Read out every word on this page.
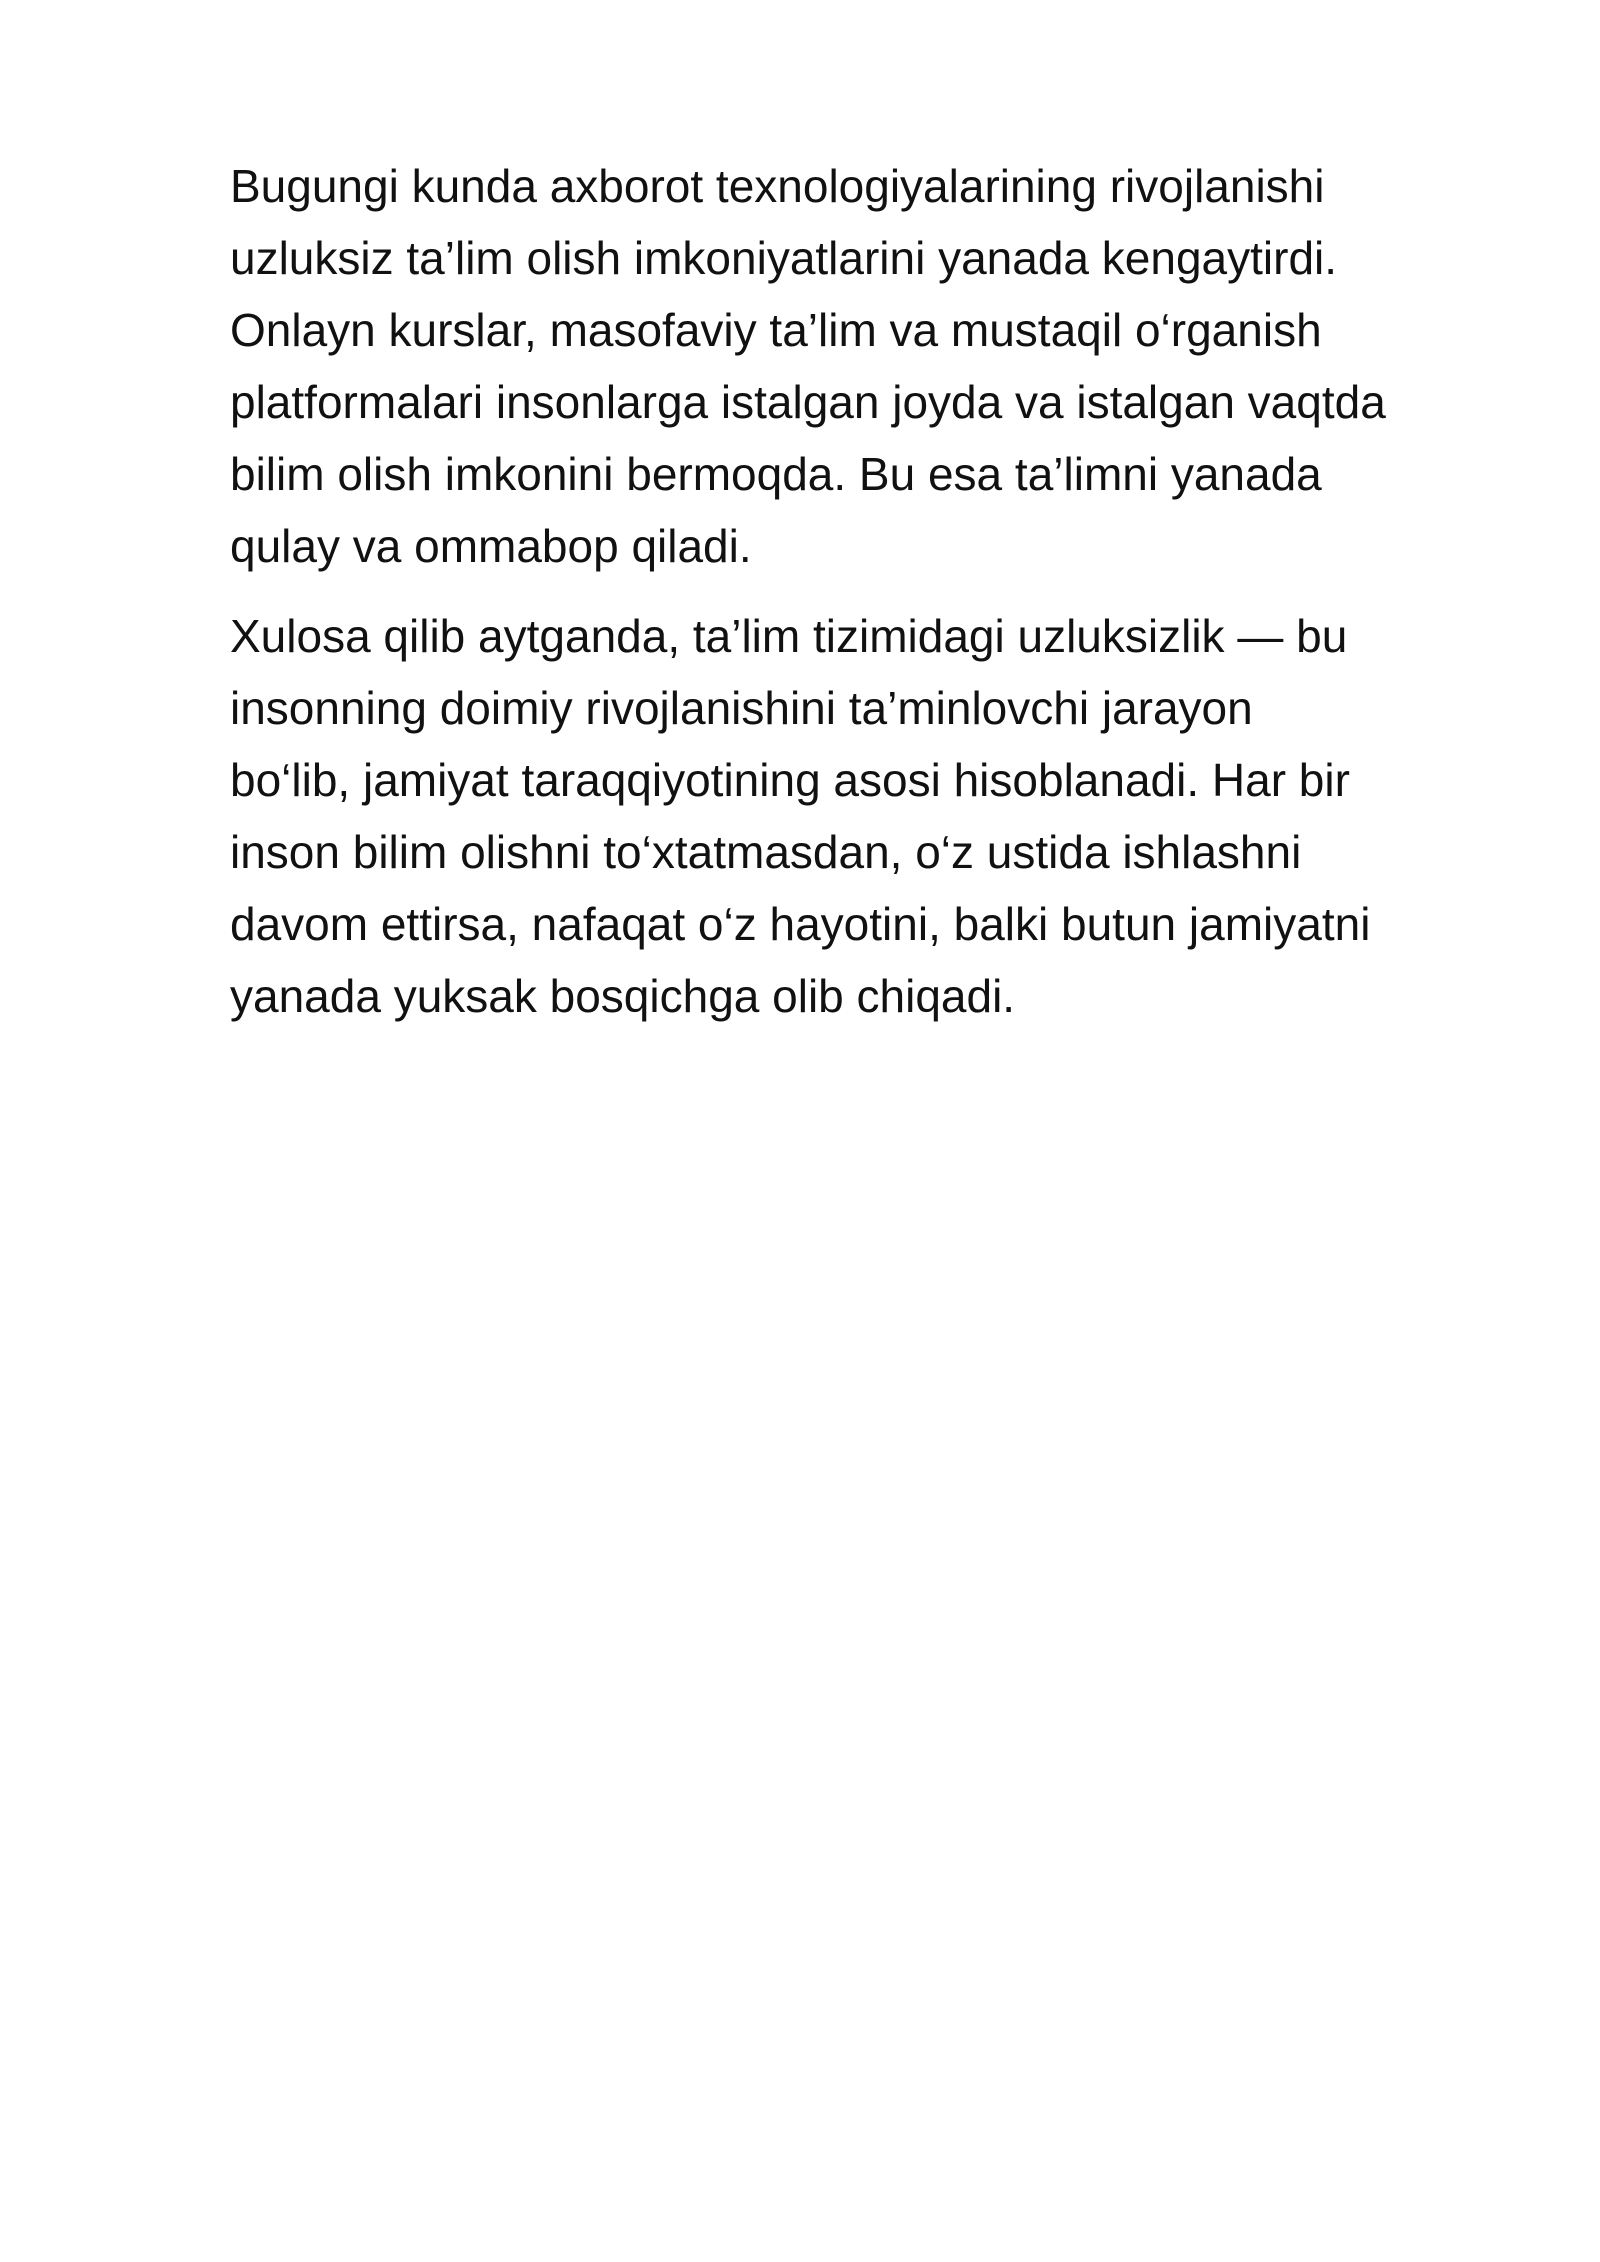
Bugungi kunda axborot texnologiyalarining rivojlanishi
uzluksiz ta’lim olish imkoniyatlarini yanada kengaytirdi.
Onlayn kurslar, masofaviy ta’lim va mustaqil o‘rganish
platformalari insonlarga istalgan joyda va istalgan vaqtda
bilim olish imkonini bermoqda. Bu esa ta’limni yanada
qulay va ommabop qiladi.

Xulosa qilib aytganda, ta’lim tizimidagi uzluksizlik — bu
insonning doimiy rivojlanishini ta’minlovchi jarayon
bo‘lib, jamiyat taraqqiyotining asosi hisoblanadi. Har bir
inson bilim olishni to‘xtatmasdan, o‘z ustida ishlashni
davom ettirsa, nafaqat o‘z hayotini, balki butun jamiyatni
yanada yuksak bosqichga olib chiqadi.
